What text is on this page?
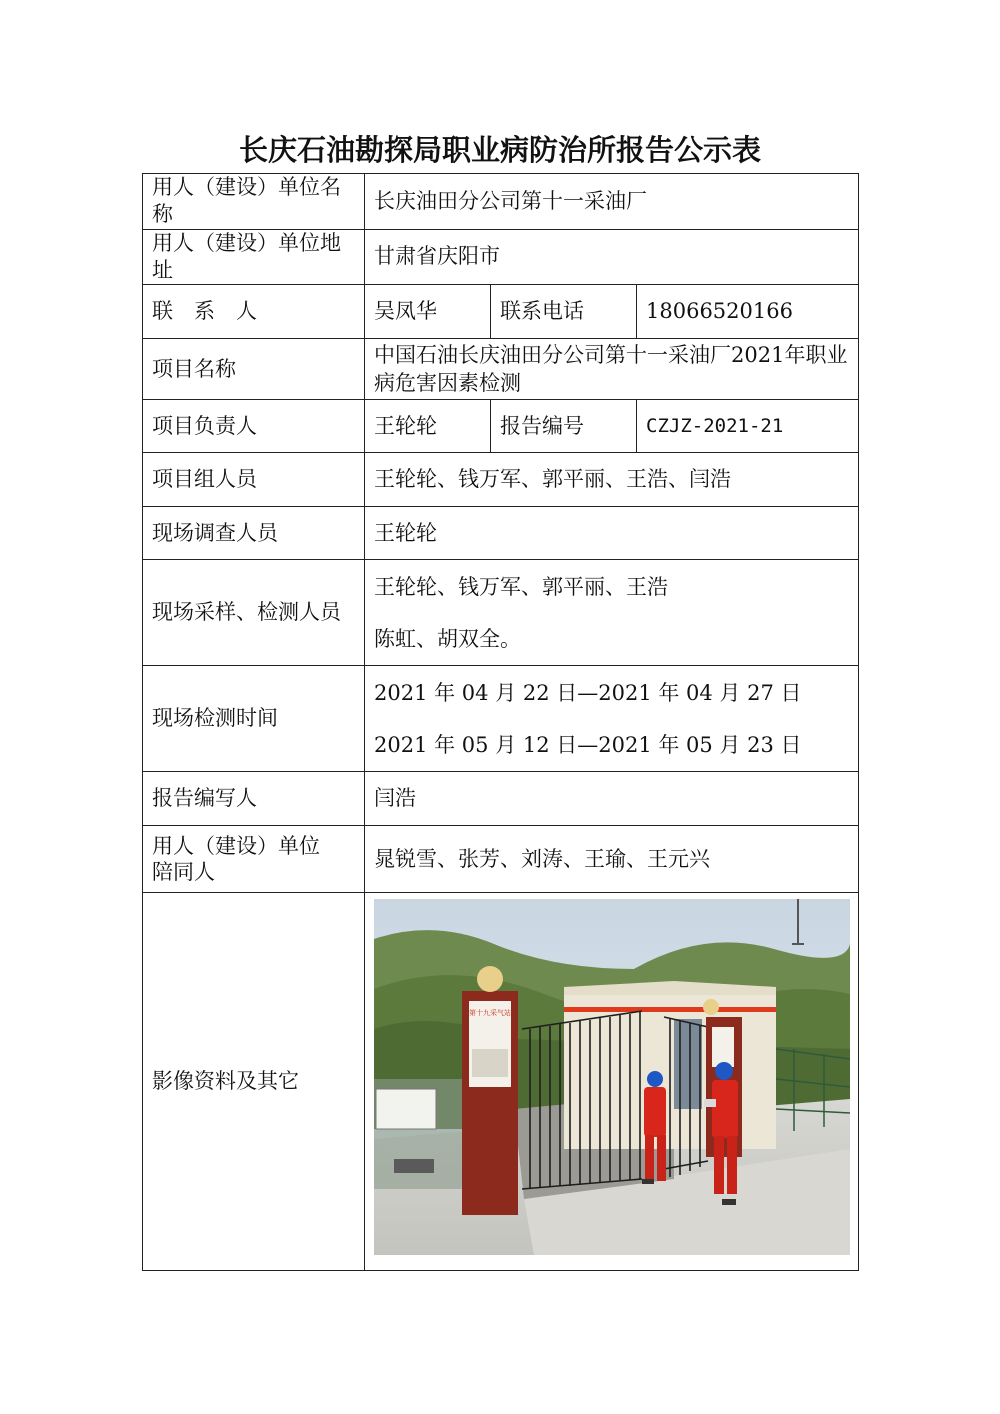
长庆石油勘探局职业病防治所报告公示表
用人（建设）单位名称	长庆油田分公司第十一采油厂		
用人（建设）单位地址	甘肃省庆阳市		
联　系　人	吴凤华	联系电话	18066520166
项目名称	中国石油长庆油田分公司第十一采油厂2021年职业病危害因素检测		
项目负责人	王轮轮	报告编号	CZJZ-2021-21
项目组人员	王轮轮、钱万军、郭平丽、王浩、闫浩		
现场调查人员	王轮轮		
现场采样、检测人员	王轮轮、钱万军、郭平丽、王浩
陈虹、胡双全。		

现场检测时间	2021 年 04 月 22 日—2021 年 04 月 27 日
2021 年 05 月 12 日—2021 年 05 月 23 日		

报告编写人	闫浩		

用人（建设）单位
陪同人	晁锐雪、张芳、刘涛、王瑜、王元兴		
影像资料及其它	第十九采气站		
